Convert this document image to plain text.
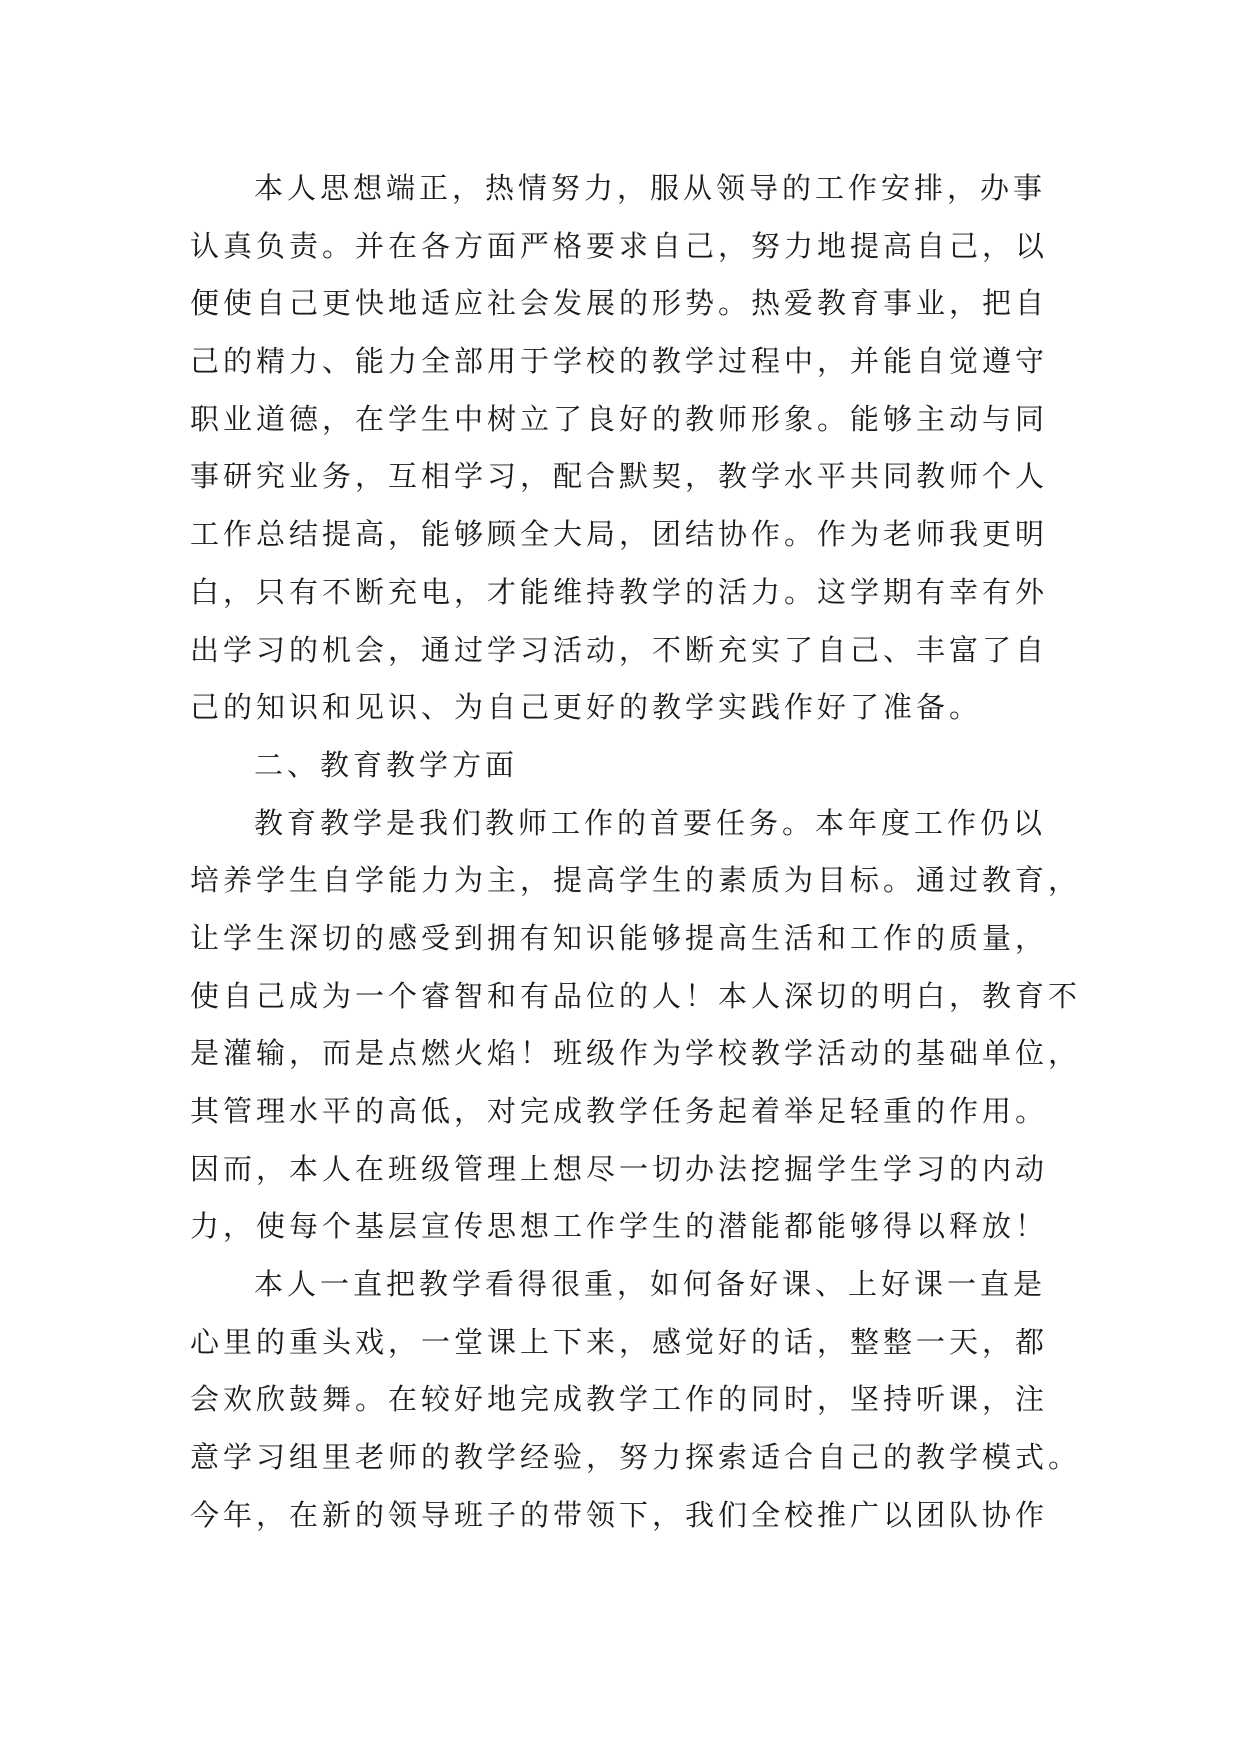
本人思想端正，热情努力，服从领导的工作安排，办事
认真负责。并在各方面严格要求自己，努力地提高自己，以
便使自己更快地适应社会发展的形势。热爱教育事业，把自
己的精力、能力全部用于学校的教学过程中，并能自觉遵守
职业道德，在学生中树立了良好的教师形象。能够主动与同
事研究业务，互相学习，配合默契，教学水平共同教师个人
工作总结提高，能够顾全大局，团结协作。作为老师我更明
白，只有不断充电，才能维持教学的活力。这学期有幸有外
出学习的机会，通过学习活动，不断充实了自己、丰富了自
己的知识和见识、为自己更好的教学实践作好了准备。
二、教育教学方面
教育教学是我们教师工作的首要任务。本年度工作仍以
培养学生自学能力为主，提高学生的素质为目标。通过教育，
让学生深切的感受到拥有知识能够提高生活和工作的质量，
使自己成为一个睿智和有品位的人！本人深切的明白，教育不
是灌输，而是点燃火焰！班级作为学校教学活动的基础单位，
其管理水平的高低，对完成教学任务起着举足轻重的作用。
因而，本人在班级管理上想尽一切办法挖掘学生学习的内动
力，使每个基层宣传思想工作学生的潜能都能够得以释放！
本人一直把教学看得很重，如何备好课、上好课一直是
心里的重头戏，一堂课上下来，感觉好的话，整整一天，都
会欢欣鼓舞。在较好地完成教学工作的同时，坚持听课，注
意学习组里老师的教学经验，努力探索适合自己的教学模式。
今年，在新的领导班子的带领下，我们全校推广以团队协作
